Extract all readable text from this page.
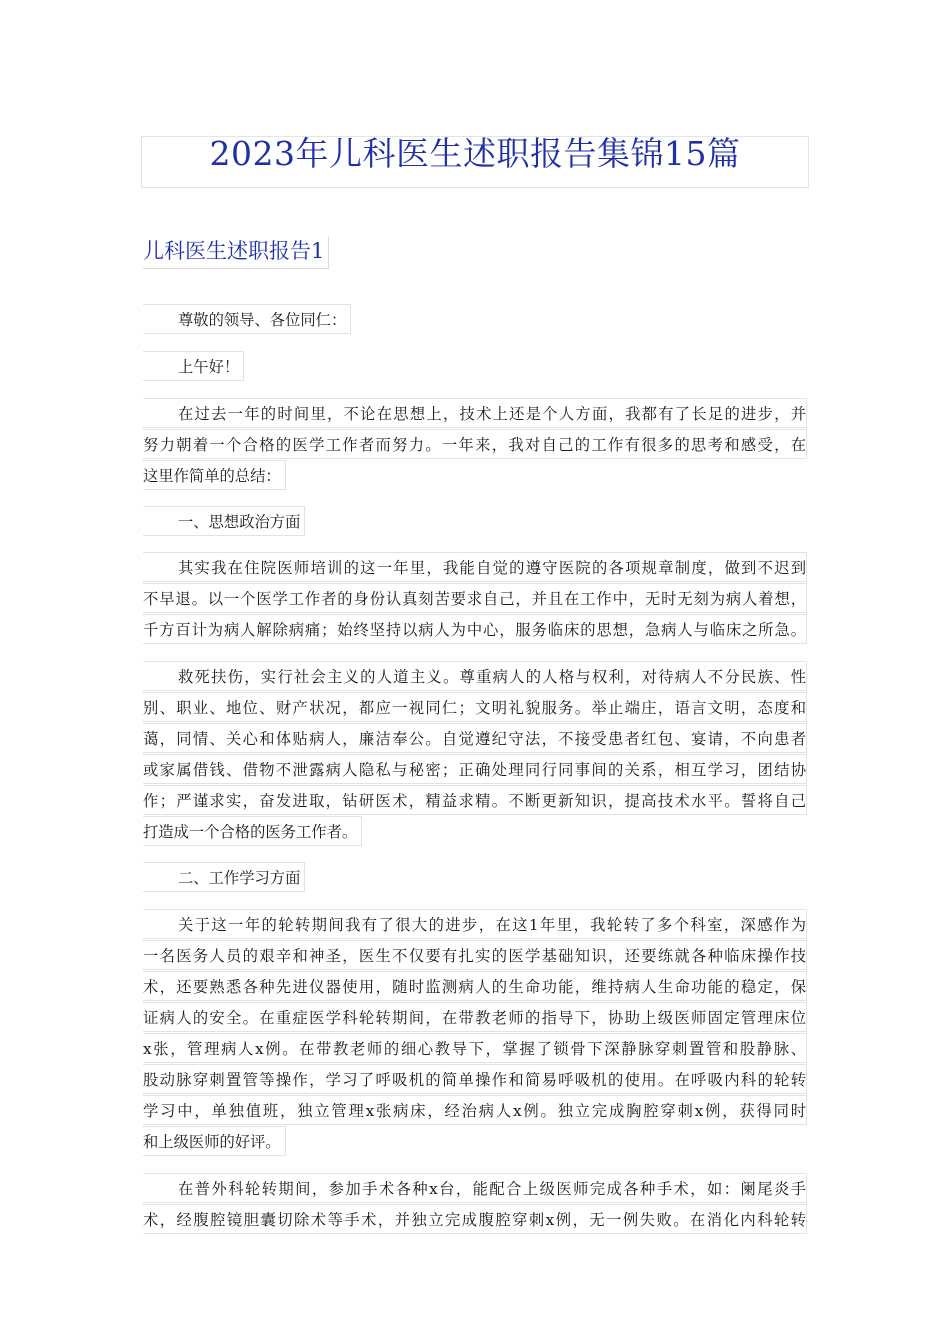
2023年儿科医生述职报告集锦15篇
儿科医生述职报告1
尊敬的领导、各位同仁：
上午好！
在过去一年的时间里，不论在思想上，技术上还是个人方面，我都有了长足的进步，并
努力朝着一个合格的医学工作者而努力。一年来，我对自己的工作有很多的思考和感受，在
这里作简单的总结：
一、思想政治方面
其实我在住院医师培训的这一年里，我能自觉的遵守医院的各项规章制度，做到不迟到
不早退。以一个医学工作者的身份认真刻苦要求自己，并且在工作中，无时无刻为病人着想，
千方百计为病人解除病痛；始终坚持以病人为中心，服务临床的思想，急病人与临床之所急。
救死扶伤，实行社会主义的人道主义。尊重病人的人格与权利，对待病人不分民族、性
别、职业、地位、财产状况，都应一视同仁；文明礼貌服务。举止端庄，语言文明，态度和
蔼，同情、关心和体贴病人，廉洁奉公。自觉遵纪守法，不接受患者红包、宴请，不向患者
或家属借钱、借物不泄露病人隐私与秘密；正确处理同行同事间的关系，相互学习，团结协
作；严谨求实，奋发进取，钻研医术，精益求精。不断更新知识，提高技术水平。誓将自己
打造成一个合格的医务工作者。
二、工作学习方面
关于这一年的轮转期间我有了很大的进步，在这1年里，我轮转了多个科室，深感作为
一名医务人员的艰辛和神圣，医生不仅要有扎实的医学基础知识，还要练就各种临床操作技
术，还要熟悉各种先进仪器使用，随时监测病人的生命功能，维持病人生命功能的稳定，保
证病人的安全。在重症医学科轮转期间，在带教老师的指导下，协助上级医师固定管理床位
x张，管理病人x例。在带教老师的细心教导下，掌握了锁骨下深静脉穿刺置管和股静脉、
股动脉穿刺置管等操作，学习了呼吸机的简单操作和简易呼吸机的使用。在呼吸内科的轮转
学习中，单独值班，独立管理x张病床，经治病人x例。独立完成胸腔穿刺x例，获得同时
和上级医师的好评。
在普外科轮转期间，参加手术各种x台，能配合上级医师完成各种手术，如：阑尾炎手
术，经腹腔镜胆囊切除术等手术，并独立完成腹腔穿刺x例，无一例失败。在消化内科轮转
